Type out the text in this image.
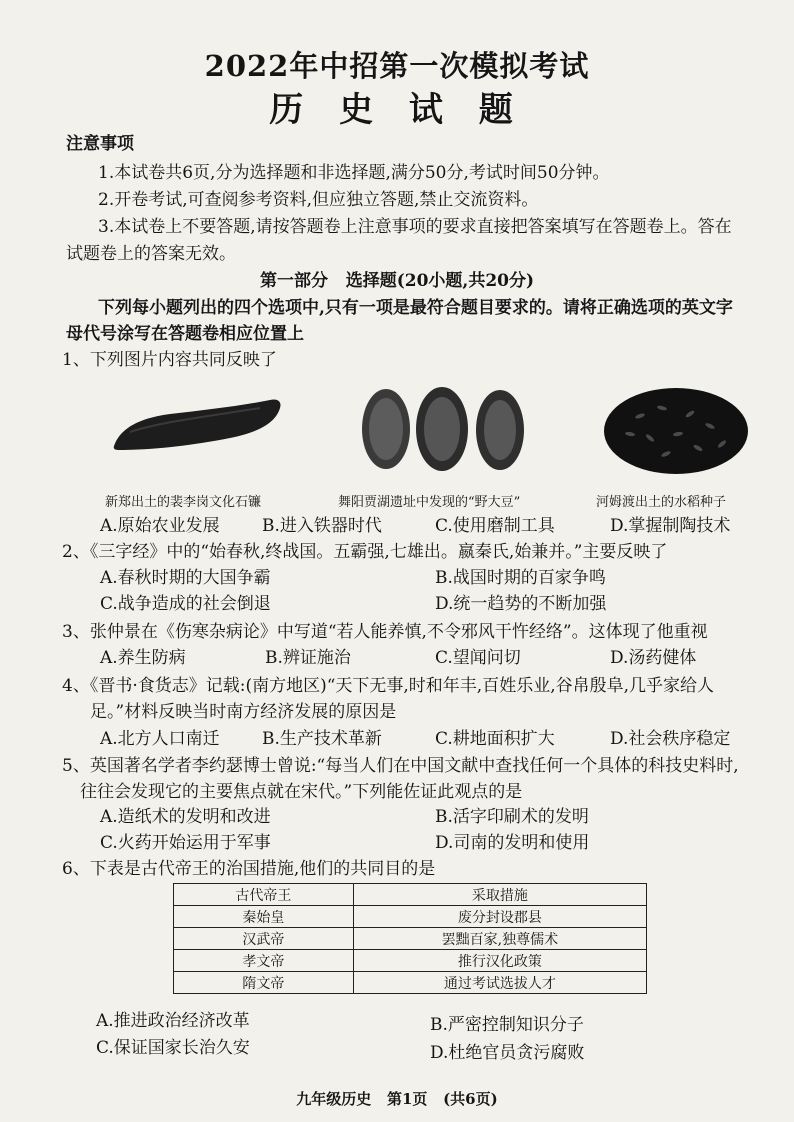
2022年中招第一次模拟考试
历 史 试 题
注意事项
1.本试卷共6页,分为选择题和非选择题,满分50分,考试时间50分钟。
2.开卷考试,可查阅参考资料,但应独立答题,禁止交流资料。
3.本试卷上不要答题,请按答题卷上注意事项的要求直接把答案填写在答题卷上。答在
试题卷上的答案无效。
第一部分   选择题(20小题,共20分)
下列每小题列出的四个选项中,只有一项是最符合题目要求的。请将正确选项的英文字
母代号涂写在答题卷相应位置上
1、下列图片内容共同反映了
新郑出土的裴李岗文化石镰	舞阳贾湖遗址中发现的“野大豆”	河姆渡出土的水稻种子
A.原始农业发展 B.进入铁器时代	C.使用磨制工具	D.掌握制陶技术
2、《三字经》中的“始春秋,终战国。五霸强,七雄出。嬴秦氏,始兼并。”主要反映了
A.春秋时期的大国争霸	B.战国时期的百家争鸣
C.战争造成的社会倒退	D.统一趋势的不断加强
3、张仲景在《伤寒杂病论》中写道“若人能养慎,不令邪风干忤经络”。这体现了他重视
A.养生防病	B.辨证施治	C.望闻问切	D.汤药健体
4、《晋书·食货志》记载:(南方地区)“天下无事,时和年丰,百姓乐业,谷帛殷阜,几乎家给人
足。”材料反映当时南方经济发展的原因是
A.北方人口南迁 B.生产技术革新	C.耕地面积扩大	D.社会秩序稳定
5、英国著名学者李约瑟博士曾说:“每当人们在中国文献中查找任何一个具体的科技史料时,
往往会发现它的主要焦点就在宋代。”下列能佐证此观点的是
A.造纸术的发明和改进	B.活字印刷术的发明
C.火药开始运用于军事	D.司南的发明和使用
6、下表是古代帝王的治国措施,他们的共同目的是
古代帝王	采取措施
秦始皇	废分封设郡县
汉武帝	罢黜百家,独尊儒术
孝文帝	推行汉化政策
隋文帝	通过考试选拔人才
A.推进政治经济改革	B.严密控制知识分子
C.保证国家长治久安	D.杜绝官员贪污腐败
九年级历史   第1页   (共6页)
